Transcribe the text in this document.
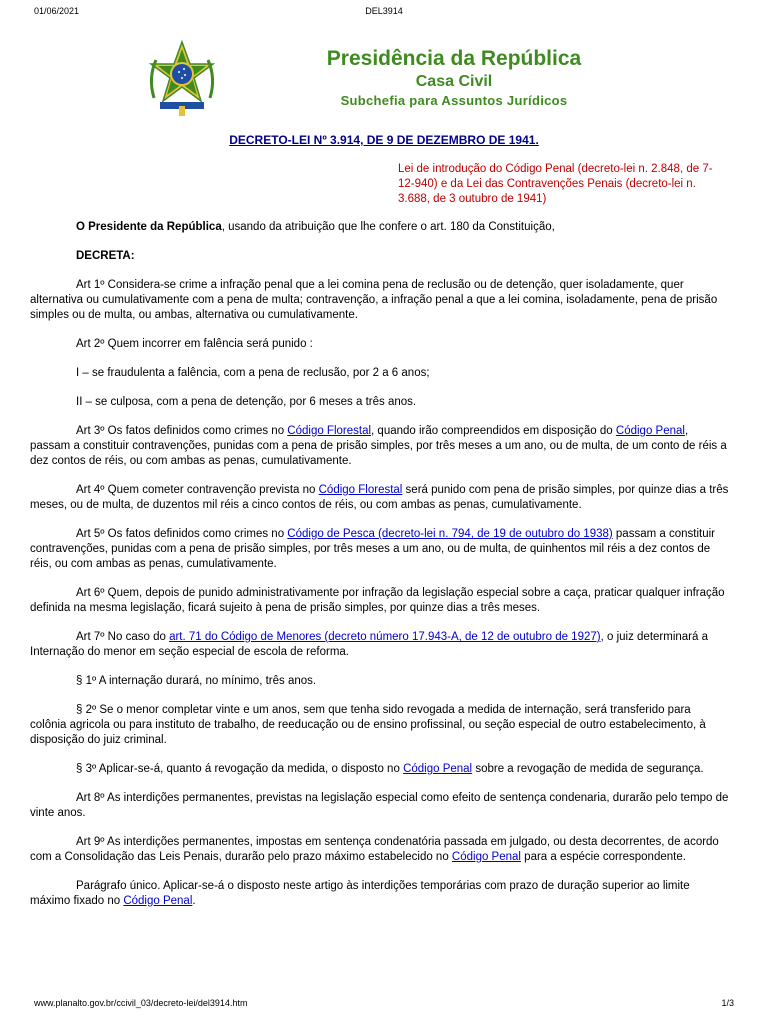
01/06/2021	DEL3914
Presidência da República
Casa Civil
Subchefia para Assuntos Jurídicos
DECRETO-LEI Nº 3.914, DE 9 DE DEZEMBRO DE 1941.
Lei de introdução do Código Penal (decreto-lei n. 2.848, de 7-12-940) e da Lei das Contravenções Penais (decreto-lei n. 3.688, de 3 outubro de 1941)

O Presidente da República, usando da atribuição que lhe confere o art. 180 da Constituição,

DECRETA:

Art 1º Considera-se crime a infração penal que a lei comina pena de reclusão ou de detenção, quer isoladamente, quer alternativa ou cumulativamente com a pena de multa; contravenção, a infração penal a que a lei comina, isoladamente, pena de prisão simples ou de multa, ou ambas, alternativa ou cumulativamente.

Art 2º Quem incorrer em falência será punido :

I – se fraudulenta a falência, com a pena de reclusão, por 2 a 6 anos;

II – se culposa, com a pena de detenção, por 6 meses a três anos.

Art 3º Os fatos definidos como crimes no Código Florestal, quando irão compreendidos em disposição do Código Penal, passam a constituir contravenções, punidas com a pena de prisão simples, por três meses a um ano, ou de multa, de um conto de réis a dez contos de réis, ou com ambas as penas, cumulativamente.

Art 4º Quem cometer contravenção prevista no Código Florestal será punido com pena de prisão simples, por quinze dias a três meses, ou de multa, de duzentos mil réis a cinco contos de réis, ou com ambas as penas, cumulativamente.

Art 5º Os fatos definidos como crimes no Código de Pesca (decreto-lei n. 794, de 19 de outubro do 1938) passam a constituir contravenções, punidas com a pena de prisão simples, por três meses a um ano, ou de multa, de quinhentos mil réis a dez contos de réis, ou com ambas as penas, cumulativamente.

Art 6º Quem, depois de punido administrativamente por infração da legislação especial sobre a caça, praticar qualquer infração definida na mesma legislação, ficará sujeito à pena de prisão simples, por quinze dias a três meses.

Art 7º No caso do art. 71 do Código de Menores (decreto número 17.943-A, de 12 de outubro de 1927), o juiz determinará a Internação do menor em seção especial de escola de reforma.

§ 1º A internação durará, no mínimo, três anos.

§ 2º Se o menor completar vinte e um anos, sem que tenha sido revogada a medida de internação, será transferido para colônia agricola ou para instituto de trabalho, de reeducação ou de ensino profissinal, ou seção especial de outro estabelecimento, à disposição do juiz criminal.

§ 3º Aplicar-se-á, quanto á revogação da medida, o disposto no Código Penal sobre a revogação de medida de segurança.

Art 8º As interdições permanentes, previstas na legislação especial como efeito de sentença condenaria, durarão pelo tempo de vinte anos.

Art 9º As interdições permanentes, impostas em sentença condenatória passada em julgado, ou desta decorrentes, de acordo com a Consolidação das Leis Penais, durarão pelo prazo máximo estabelecido no Código Penal para a espécie correspondente.

Parágrafo único. Aplicar-se-á o disposto neste artigo às interdições temporárias com prazo de duração superior ao limite máximo fixado no Código Penal.

www.planalto.gov.br/ccivil_03/decreto-lei/del3914.htm	1/3
